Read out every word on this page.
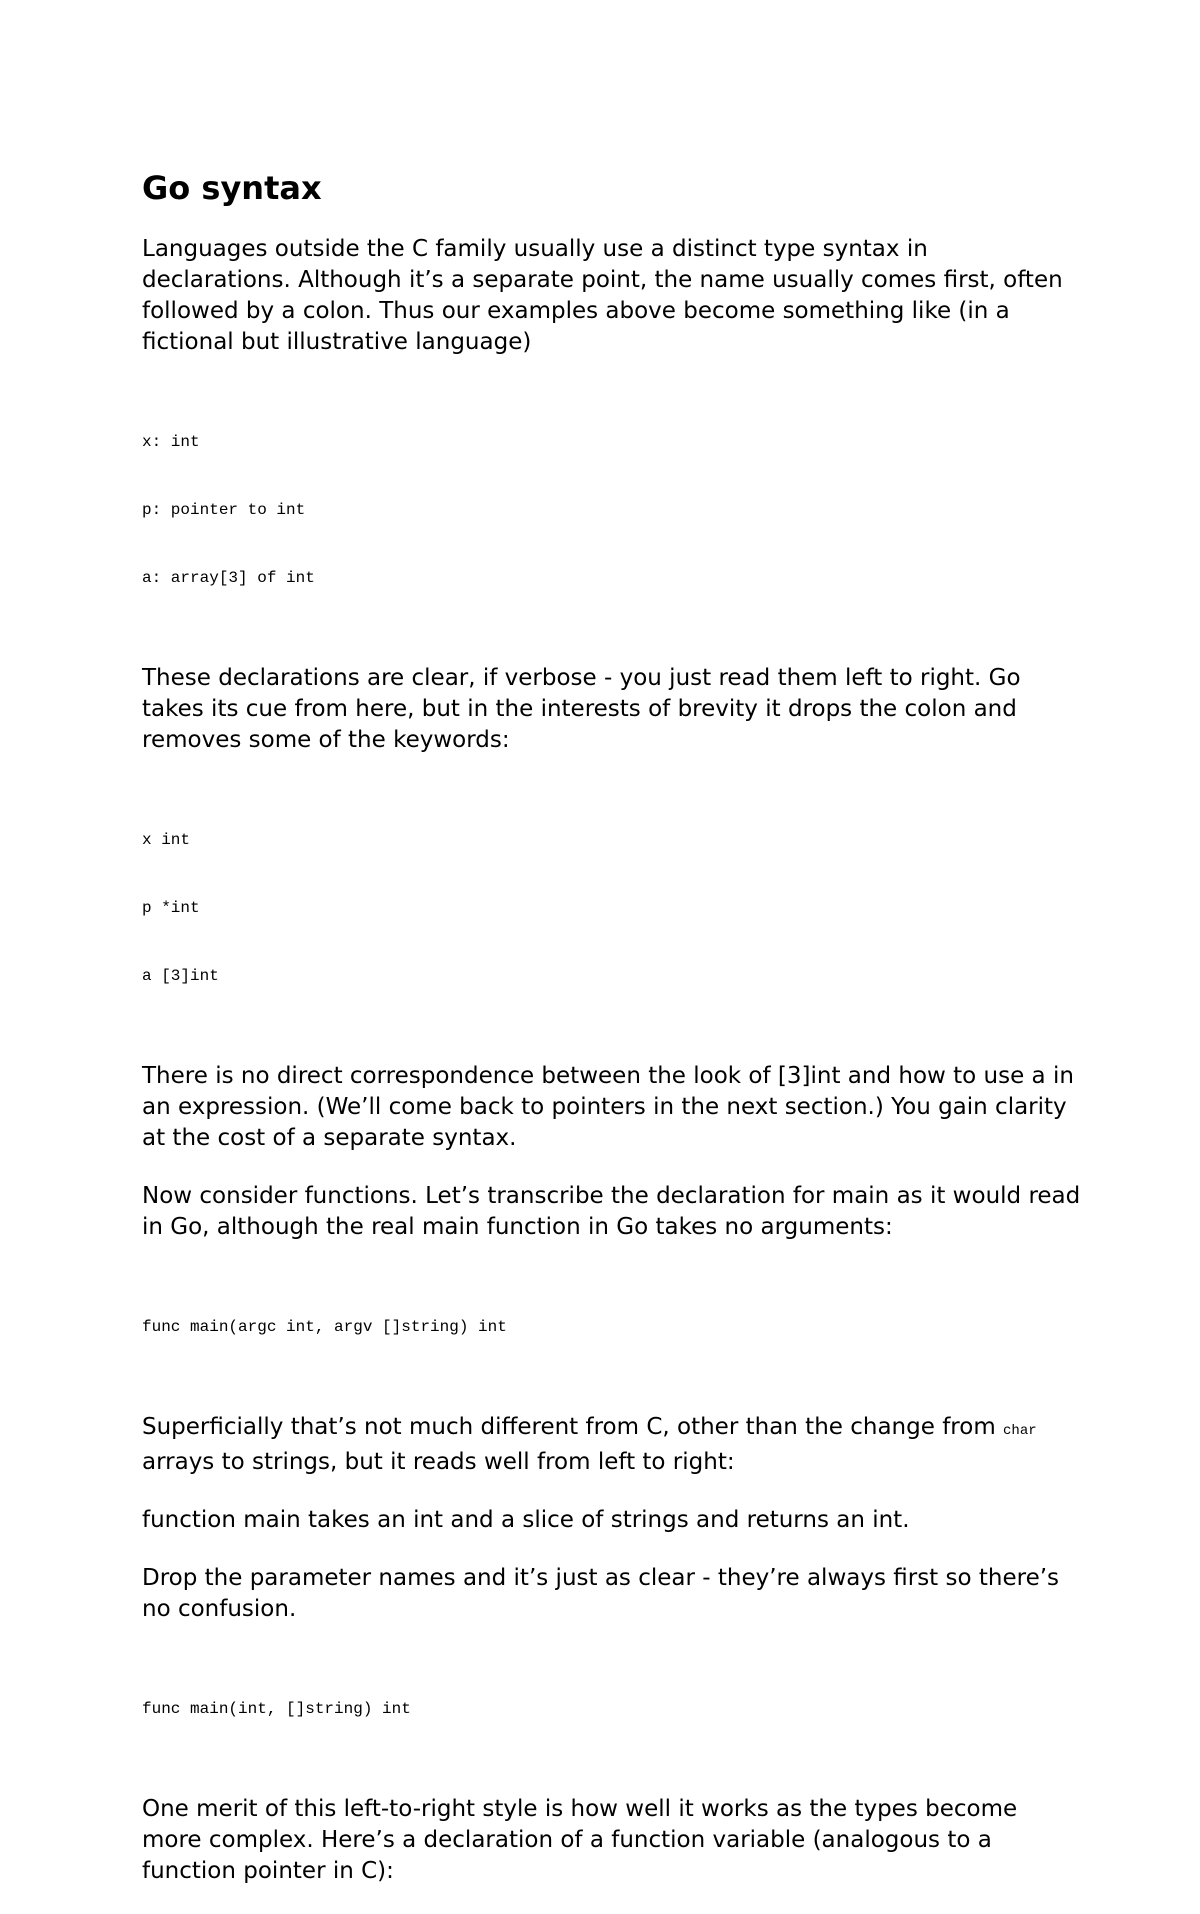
Go syntax

Languages outside the C family usually use a distinct type syntax in declarations. Although it’s a separate point, the name usually comes first, often followed by a colon. Thus our examples above become something like (in a fictional but illustrative language)

x: int

p: pointer to int

a: array[3] of int

These declarations are clear, if verbose - you just read them left to right. Go takes its cue from here, but in the interests of brevity it drops the colon and removes some of the keywords:

x int

p *int

a [3]int

There is no direct correspondence between the look of [3]int and how to use a in an expression. (We’ll come back to pointers in the next section.) You gain clarity at the cost of a separate syntax.

Now consider functions. Let’s transcribe the declaration for main as it would read in Go, although the real main function in Go takes no arguments:

func main(argc int, argv []string) int

Superficially that’s not much different from C, other than the change from char arrays to strings, but it reads well from left to right:

function main takes an int and a slice of strings and returns an int.

Drop the parameter names and it’s just as clear - they’re always first so there’s no confusion.

func main(int, []string) int

One merit of this left-to-right style is how well it works as the types become more complex. Here’s a declaration of a function variable (analogous to a function pointer in C):
